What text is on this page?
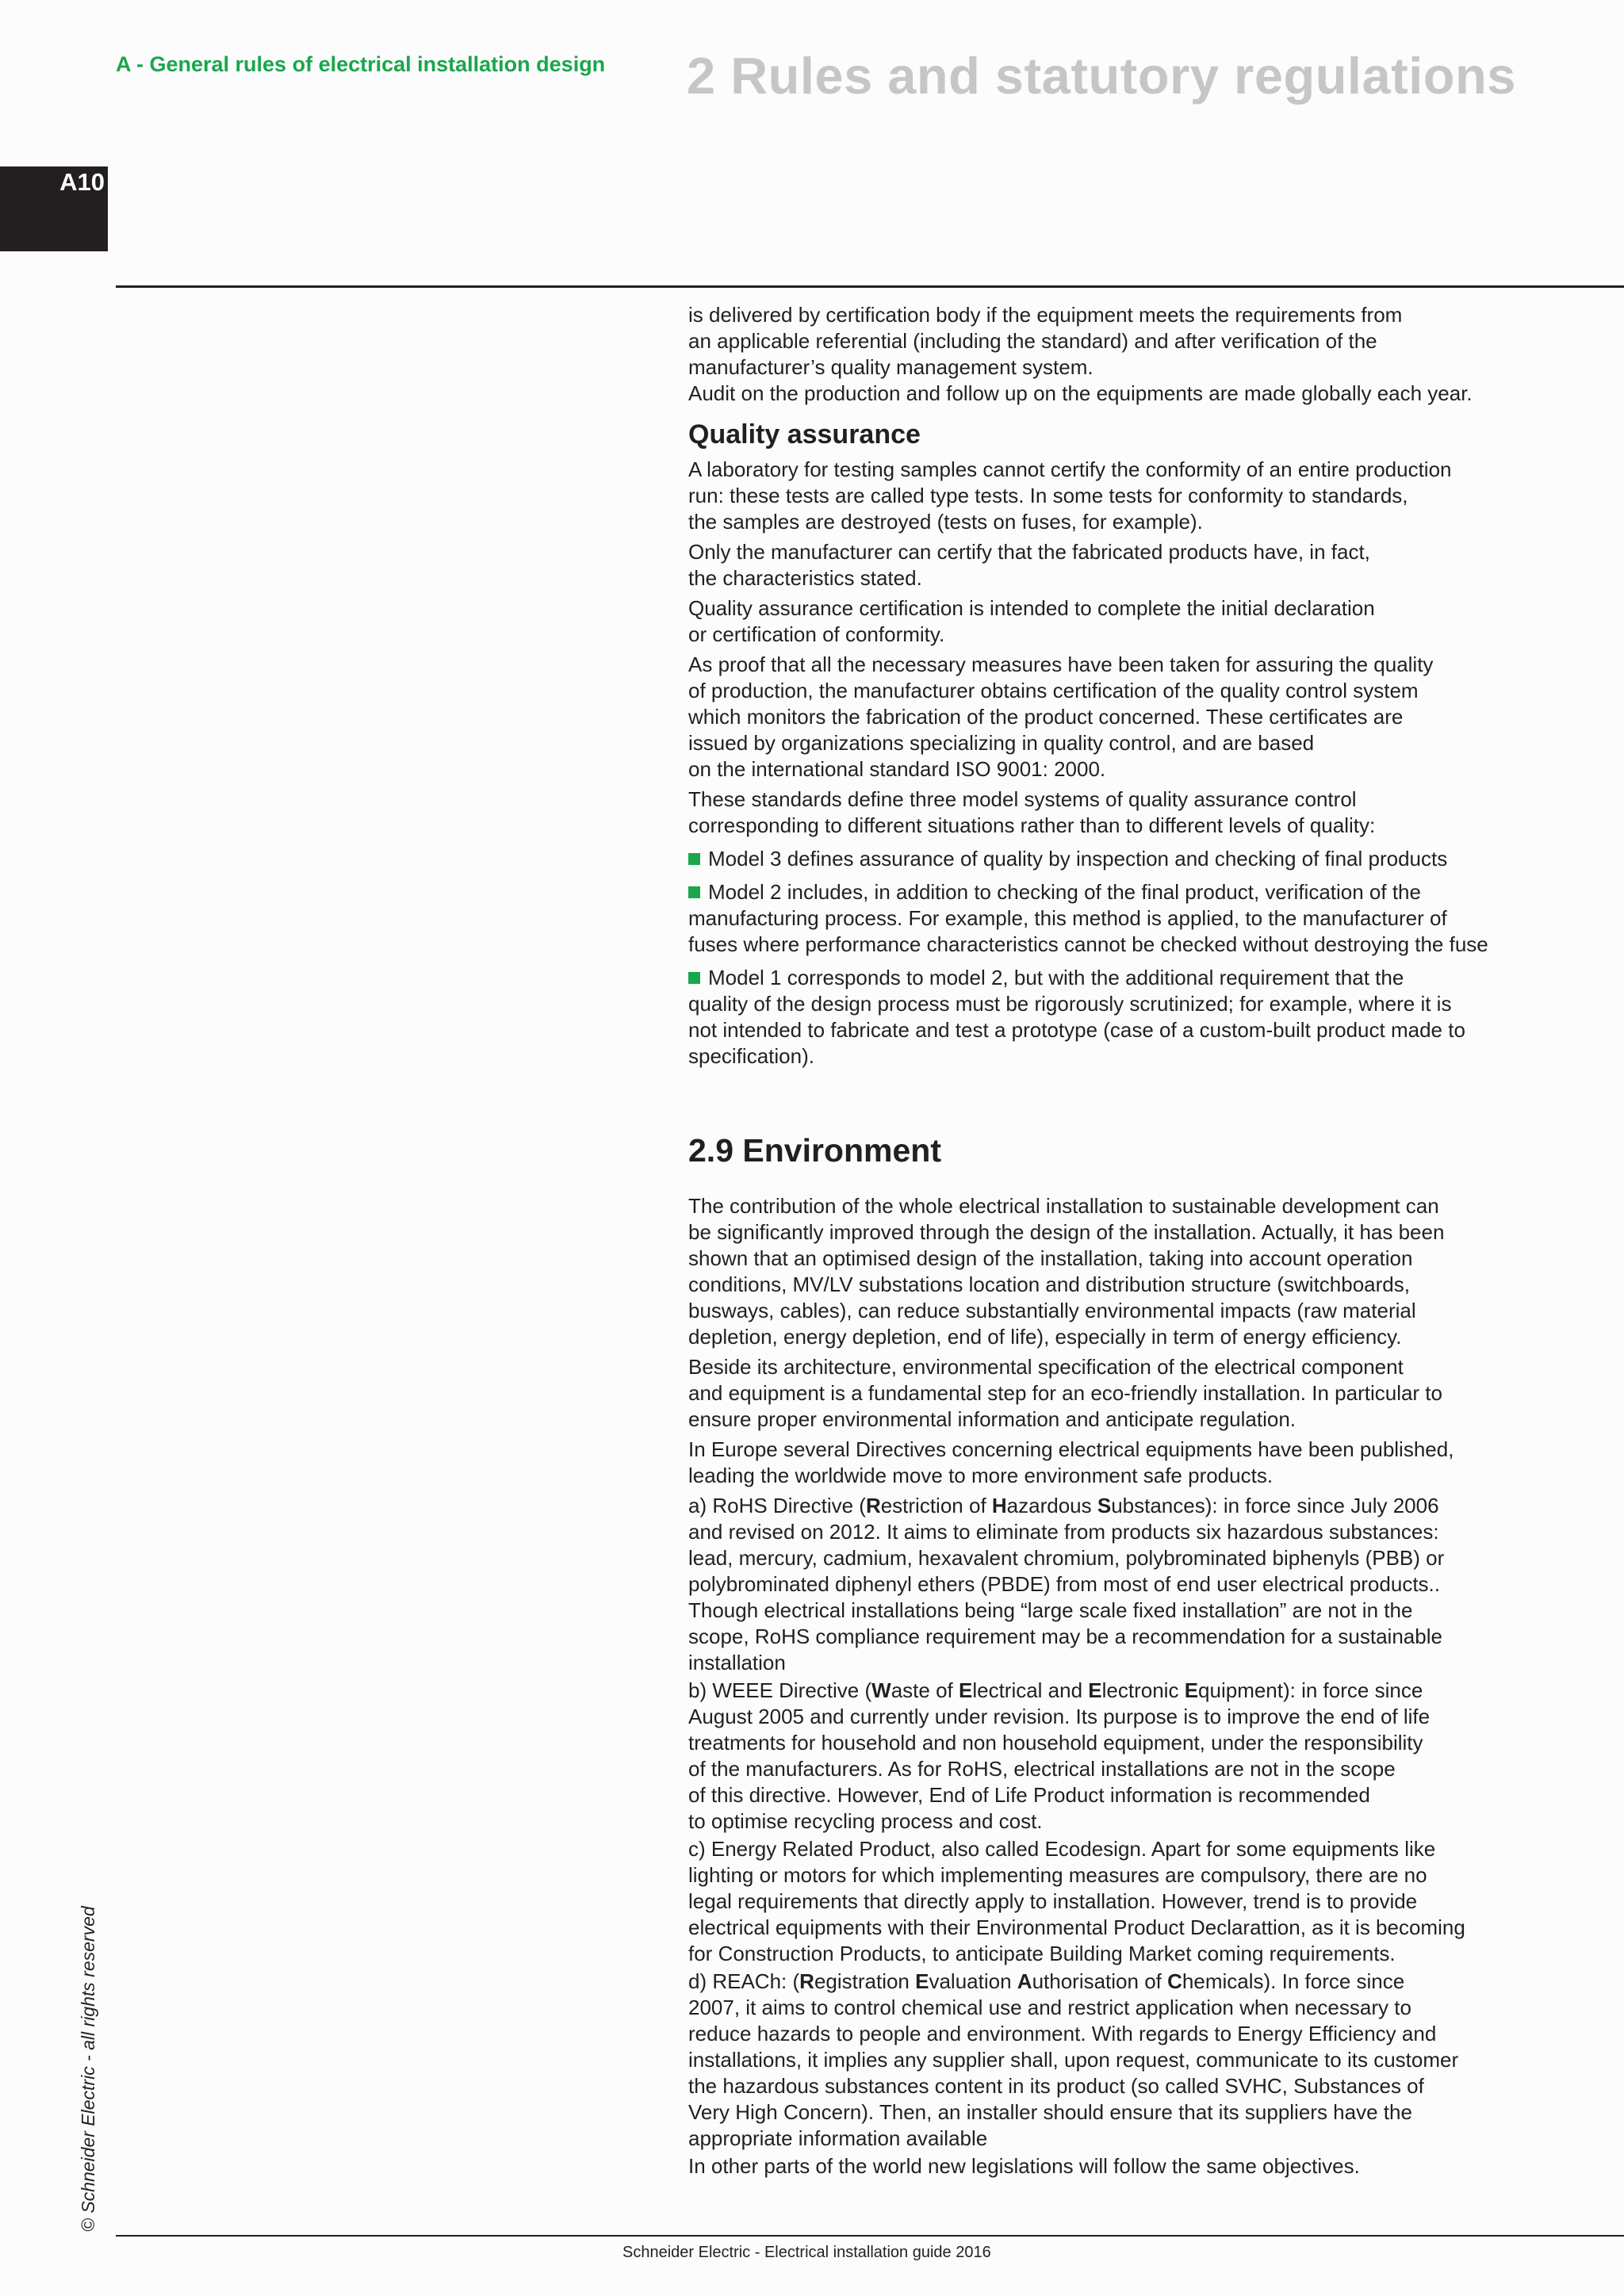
A - General rules of electrical installation design 2 Rules and statutory regulations
A10

is delivered by certification body if the equipment meets the requirements from
an applicable referential (including the standard) and after verification of the
manufacturer’s quality management system.
Audit on the production and follow up on the equipments are made globally each year.

Quality assurance

A laboratory for testing samples cannot certify the conformity of an entire production
run: these tests are called type tests. In some tests for conformity to standards,
the samples are destroyed (tests on fuses, for example).

Only the manufacturer can certify that the fabricated products have, in fact,
the characteristics stated.

Quality assurance certification is intended to complete the initial declaration
or certification of conformity.

As proof that all the necessary measures have been taken for assuring the quality
of production, the manufacturer obtains certification of the quality control system
which monitors the fabrication of the product concerned. These certificates are
issued by organizations specializing in quality control, and are based
on the international standard ISO 9001: 2000.

These standards define three model systems of quality assurance control
corresponding to different situations rather than to different levels of quality:

Model 3 defines assurance of quality by inspection and checking of final products
Model 2 includes, in addition to checking of the final product, verification of the
manufacturing process. For example, this method is applied, to the manufacturer of
fuses where performance characteristics cannot be checked without destroying the fuse
Model 1 corresponds to model 2, but with the additional requirement that the
quality of the design process must be rigorously scrutinized; for example, where it is
not intended to fabricate and test a prototype (case of a custom-built product made to
specification).
2.9 Environment

The contribution of the whole electrical installation to sustainable development can
be significantly improved through the design of the installation. Actually, it has been
shown that an optimised design of the installation, taking into account operation
conditions, MV/LV substations location and distribution structure (switchboards,
busways, cables), can reduce substantially environmental impacts (raw material
depletion, energy depletion, end of life), especially in term of energy efficiency.

Beside its architecture, environmental specification of the electrical component
and equipment is a fundamental step for an eco-friendly installation. In particular to
ensure proper environmental information and anticipate regulation.

In Europe several Directives concerning electrical equipments have been published,
leading the worldwide move to more environment safe products.

a) RoHS Directive (Restriction of Hazardous Substances): in force since July 2006
and revised on 2012. It aims to eliminate from products six hazardous substances:
lead, mercury, cadmium, hexavalent chromium, polybrominated biphenyls (PBB) or
polybrominated diphenyl ethers (PBDE) from most of end user electrical products..
Though electrical installations being “large scale fixed installation” are not in the
scope, RoHS compliance requirement may be a recommendation for a sustainable
installation

b) WEEE Directive (Waste of Electrical and Electronic Equipment): in force since
August 2005 and currently under revision. Its purpose is to improve the end of life
treatments for household and non household equipment, under the responsibility
of the manufacturers. As for RoHS, electrical installations are not in the scope
of this directive. However, End of Life Product information is recommended
to optimise recycling process and cost.

c) Energy Related Product, also called Ecodesign. Apart for some equipments like
lighting or motors for which implementing measures are compulsory, there are no
legal requirements that directly apply to installation. However, trend is to provide
electrical equipments with their Environmental Product Declarattion, as it is becoming
for Construction Products, to anticipate Building Market coming requirements.

d) REACh: (Registration Evaluation Authorisation of Chemicals). In force since
2007, it aims to control chemical use and restrict application when necessary to
reduce hazards to people and environment. With regards to Energy Efficiency and
installations, it implies any supplier shall, upon request, communicate to its customer
the hazardous substances content in its product (so called SVHC, Substances of
Very High Concern). Then, an installer should ensure that its suppliers have the
appropriate information available

In other parts of the world new legislations will follow the same objectives.

© Schneider Electric - all rights reserved
Schneider Electric - Electrical installation guide 2016
